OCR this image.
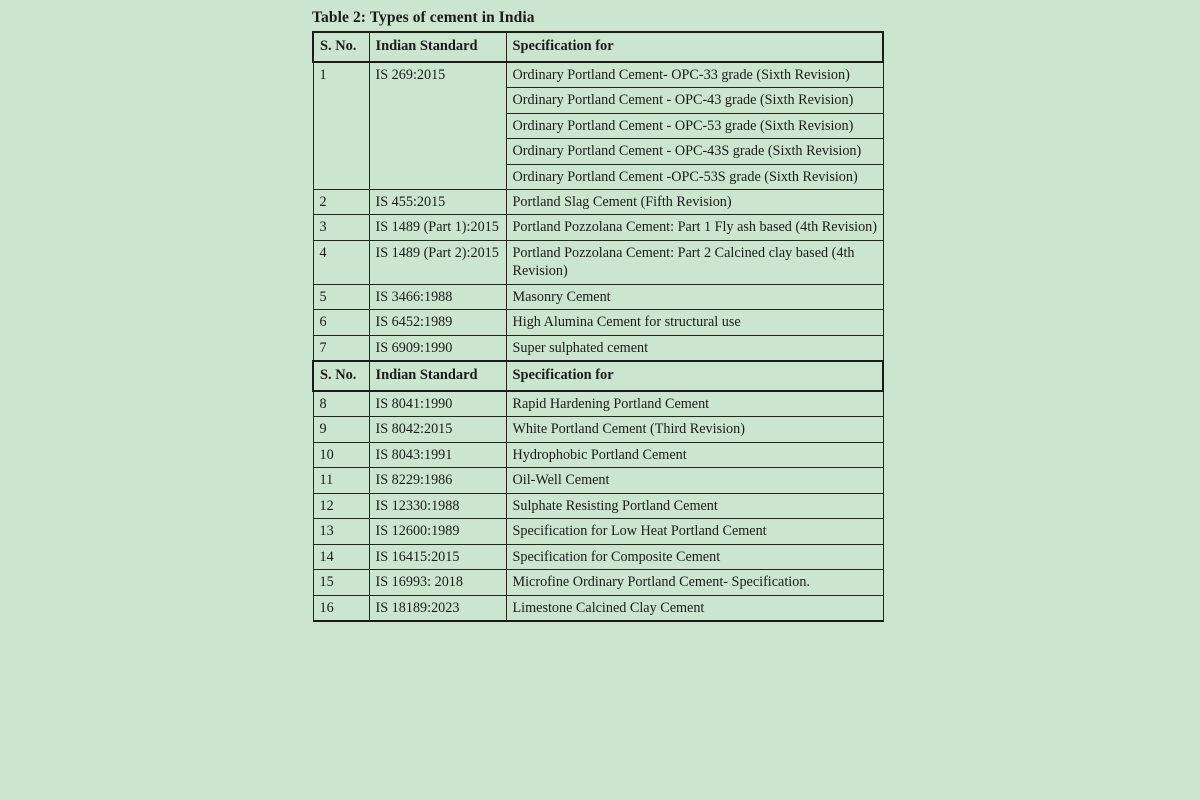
Table 2: Types of cement in India
S. No.	Indian Standard	Specification for
1	IS 269:2015	Ordinary Portland Cement- OPC-33 grade (Sixth Revision)
		Ordinary Portland Cement - OPC-43 grade (Sixth Revision)
		Ordinary Portland Cement - OPC-53 grade (Sixth Revision)
		Ordinary Portland Cement - OPC-43S grade (Sixth Revision)
		Ordinary Portland Cement -OPC-53S grade (Sixth Revision)
2	IS 455:2015	Portland Slag Cement (Fifth Revision)
3	IS 1489 (Part 1):2015	Portland Pozzolana Cement: Part 1 Fly ash based (4th Revision)
4	IS 1489 (Part 2):2015	Portland Pozzolana Cement: Part 2 Calcined clay based (4th Revision)
5	IS 3466:1988	Masonry Cement
6	IS 6452:1989	High Alumina Cement for structural use
7	IS 6909:1990	Super sulphated cement
S. No.	Indian Standard	Specification for
8	IS 8041:1990	Rapid Hardening Portland Cement
9	IS 8042:2015	White Portland Cement (Third Revision)
10	IS 8043:1991	Hydrophobic Portland Cement
11	IS 8229:1986	Oil-Well Cement
12	IS 12330:1988	Sulphate Resisting Portland Cement
13	IS 12600:1989	Specification for Low Heat Portland Cement
14	IS 16415:2015	Specification for Composite Cement
15	IS 16993: 2018	Microfine Ordinary Portland Cement- Specification.
16	IS 18189:2023	Limestone Calcined Clay Cement
